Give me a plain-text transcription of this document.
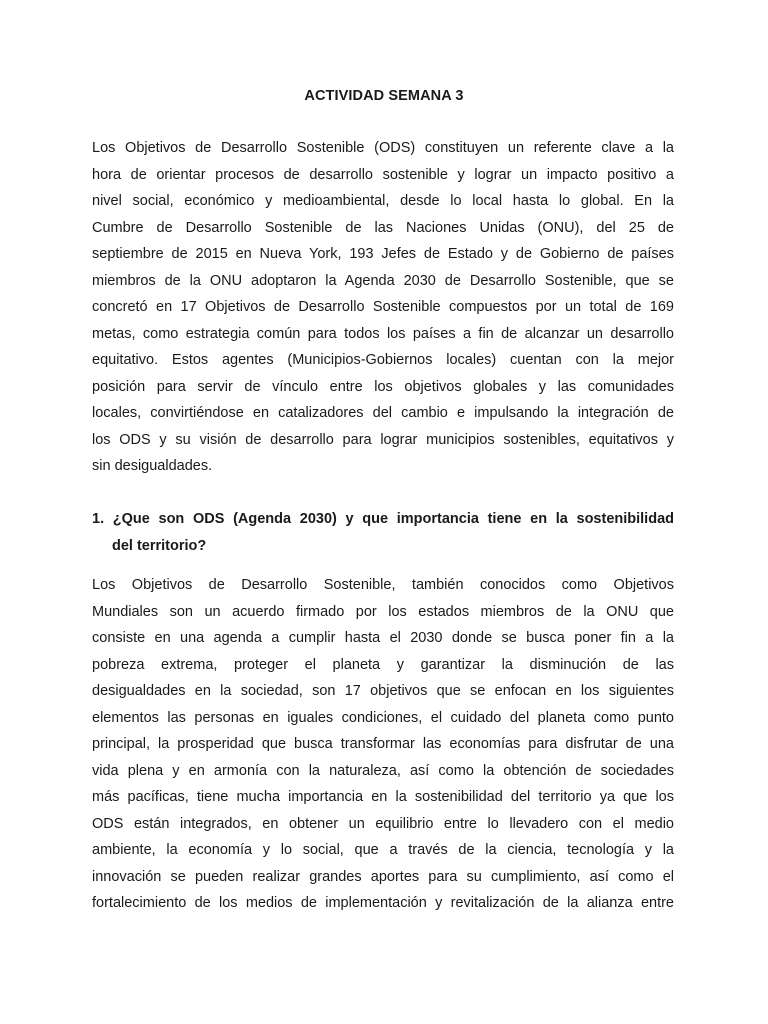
ACTIVIDAD SEMANA 3
Los Objetivos de Desarrollo Sostenible (ODS) constituyen un referente clave a la
hora de orientar procesos de desarrollo sostenible y lograr un impacto positivo a
nivel social, económico y medioambiental, desde lo local hasta lo global. En la
Cumbre de Desarrollo Sostenible de las Naciones Unidas (ONU), del 25 de
septiembre de 2015 en Nueva York, 193 Jefes de Estado y de Gobierno de países
miembros de la ONU adoptaron la Agenda 2030 de Desarrollo Sostenible, que se
concretó en 17 Objetivos de Desarrollo Sostenible compuestos por un total de 169
metas, como estrategia común para todos los países a fin de alcanzar un desarrollo
equitativo. Estos agentes (Municipios-Gobiernos locales) cuentan con la mejor
posición para servir de vínculo entre los objetivos globales y las comunidades
locales, convirtiéndose en catalizadores del cambio e impulsando la integración de
los ODS y su visión de desarrollo para lograr municipios sostenibles, equitativos y
sin desigualdades.
1. ¿Que son ODS (Agenda 2030) y que importancia tiene en la sostenibilidad
del territorio?
Los Objetivos de Desarrollo Sostenible, también conocidos como Objetivos
Mundiales son un acuerdo firmado por los estados miembros de la ONU que
consiste en una agenda a cumplir hasta el 2030 donde se busca poner fin a la
pobreza extrema, proteger el planeta y garantizar la disminución de las
desigualdades en la sociedad, son 17 objetivos que se enfocan en los siguientes
elementos las personas en iguales condiciones, el cuidado del planeta como punto
principal, la prosperidad que busca transformar las economías para disfrutar de una
vida plena y en armonía con la naturaleza, así como la obtención de sociedades
más pacíficas, tiene mucha importancia en la sostenibilidad del territorio ya que los
ODS están integrados, en obtener un equilibrio entre lo llevadero con el medio
ambiente, la economía y lo social, que a través de la ciencia, tecnología y la
innovación se pueden realizar grandes aportes para su cumplimiento, así como el
fortalecimiento de los medios de implementación y revitalización de la alianza entre
